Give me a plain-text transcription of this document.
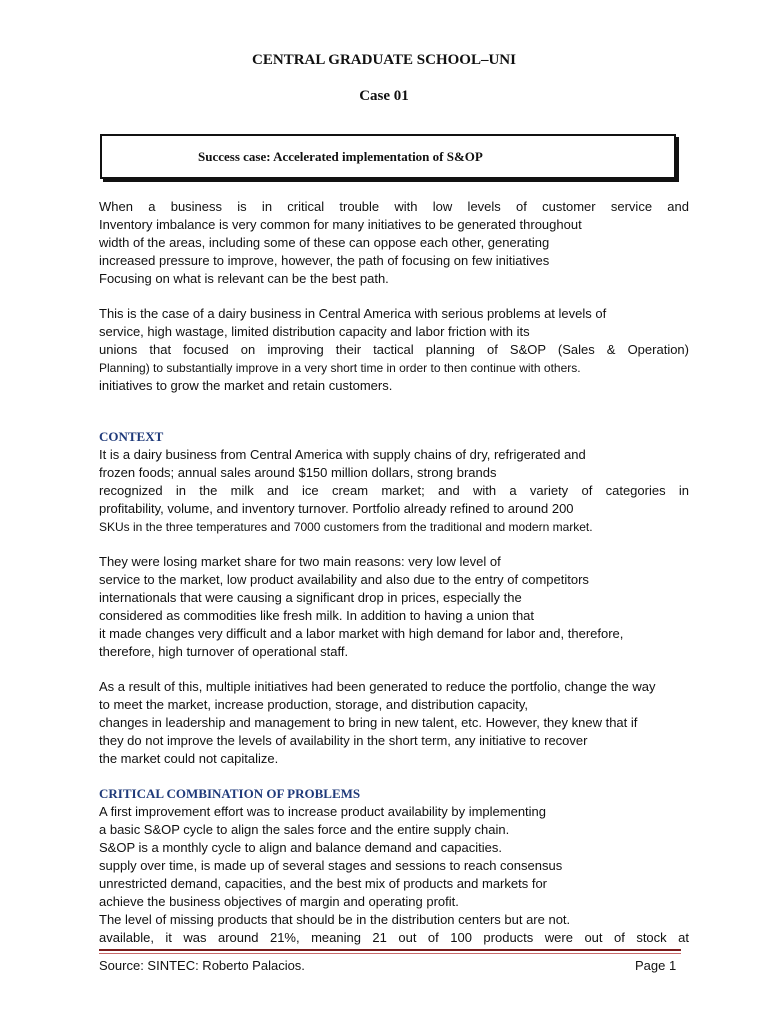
CENTRAL GRADUATE SCHOOL–UNI
Case 01
Success case: Accelerated implementation of S&OP

When a business is in critical trouble with low levels of customer service and
Inventory imbalance is very common for many initiatives to be generated throughout
width of the areas, including some of these can oppose each other, generating
increased pressure to improve, however, the path of focusing on few initiatives
Focusing on what is relevant can be the best path.

This is the case of a dairy business in Central America with serious problems at levels of
service, high wastage, limited distribution capacity and labor friction with its
unions that focused on improving their tactical planning of S&OP (Sales & Operation)
Planning) to substantially improve in a very short time in order to then continue with others.
initiatives to grow the market and retain customers.

CONTEXT

It is a dairy business from Central America with supply chains of dry, refrigerated and
frozen foods; annual sales around $150 million dollars, strong brands
recognized in the milk and ice cream market; and with a variety of categories in
profitability, volume, and inventory turnover. Portfolio already refined to around 200
SKUs in the three temperatures and 7000 customers from the traditional and modern market.

They were losing market share for two main reasons: very low level of
service to the market, low product availability and also due to the entry of competitors
internationals that were causing a significant drop in prices, especially the
considered as commodities like fresh milk. In addition to having a union that
it made changes very difficult and a labor market with high demand for labor and, therefore,
therefore, high turnover of operational staff.

As a result of this, multiple initiatives had been generated to reduce the portfolio, change the way
to meet the market, increase production, storage, and distribution capacity,
changes in leadership and management to bring in new talent, etc. However, they knew that if
they do not improve the levels of availability in the short term, any initiative to recover
the market could not capitalize.

CRITICAL COMBINATION OF PROBLEMS

A first improvement effort was to increase product availability by implementing
a basic S&OP cycle to align the sales force and the entire supply chain.
S&OP is a monthly cycle to align and balance demand and capacities.
supply over time, is made up of several stages and sessions to reach consensus
unrestricted demand, capacities, and the best mix of products and markets for
achieve the business objectives of margin and operating profit.
The level of missing products that should be in the distribution centers but are not.
available, it was around 21%, meaning 21 out of 100 products were out of stock at

Source: SINTEC: Roberto Palacios.	Page 1
